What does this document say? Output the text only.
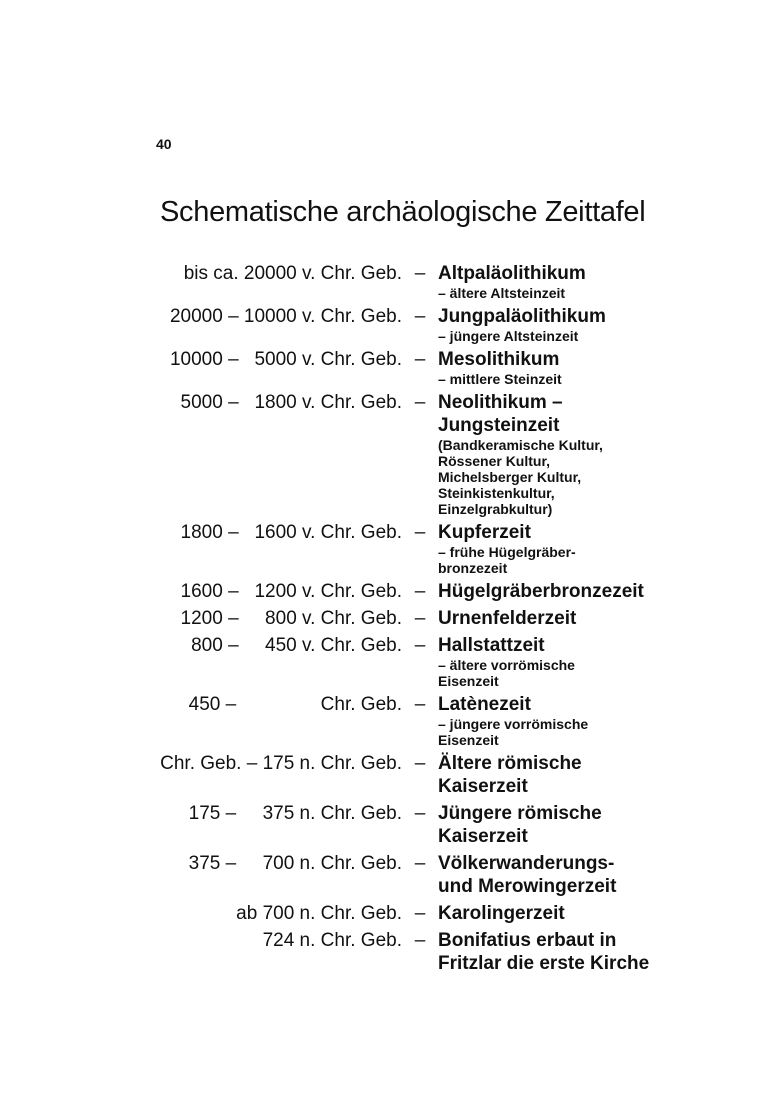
40
Schematische archäologische Zeittafel
bis ca. 20000 v. Chr. Geb. – Altpaläolithikum
– ältere Altsteinzeit
20000 – 10000 v. Chr. Geb. – Jungpaläolithikum
– jüngere Altsteinzeit
10000 –   5000 v. Chr. Geb. – Mesolithikum
– mittlere Steinzeit
5000 –   1800 v. Chr. Geb. – Neolithikum –
Jungsteinzeit
(Bandkeramische Kultur,
Rössener Kultur,
Michelsberger Kultur,
Steinkistenkultur,
Einzelgrabkultur)
1800 –   1600 v. Chr. Geb. – Kupferzeit
– frühe Hügelgräber-
bronzezeit
1600 –   1200 v. Chr. Geb. – Hügelgräberbronzezeit
1200 –     800 v. Chr. Geb. – Urnenfelderzeit
800 –     450 v. Chr. Geb. – Hallstattzeit
– ältere vorrömische
Eisenzeit
450 –                Chr. Geb. – Latènezeit
– jüngere vorrömische
Eisenzeit
Chr. Geb. – 175 n. Chr. Geb. – Ältere römische
Kaiserzeit
175 –     375 n. Chr. Geb. – Jüngere römische
Kaiserzeit
375 –     700 n. Chr. Geb. – Völkerwanderungs-
und Merowingerzeit
ab 700 n. Chr. Geb. – Karolingerzeit
724 n. Chr. Geb. – Bonifatius erbaut in
Fritzlar die erste Kirche
